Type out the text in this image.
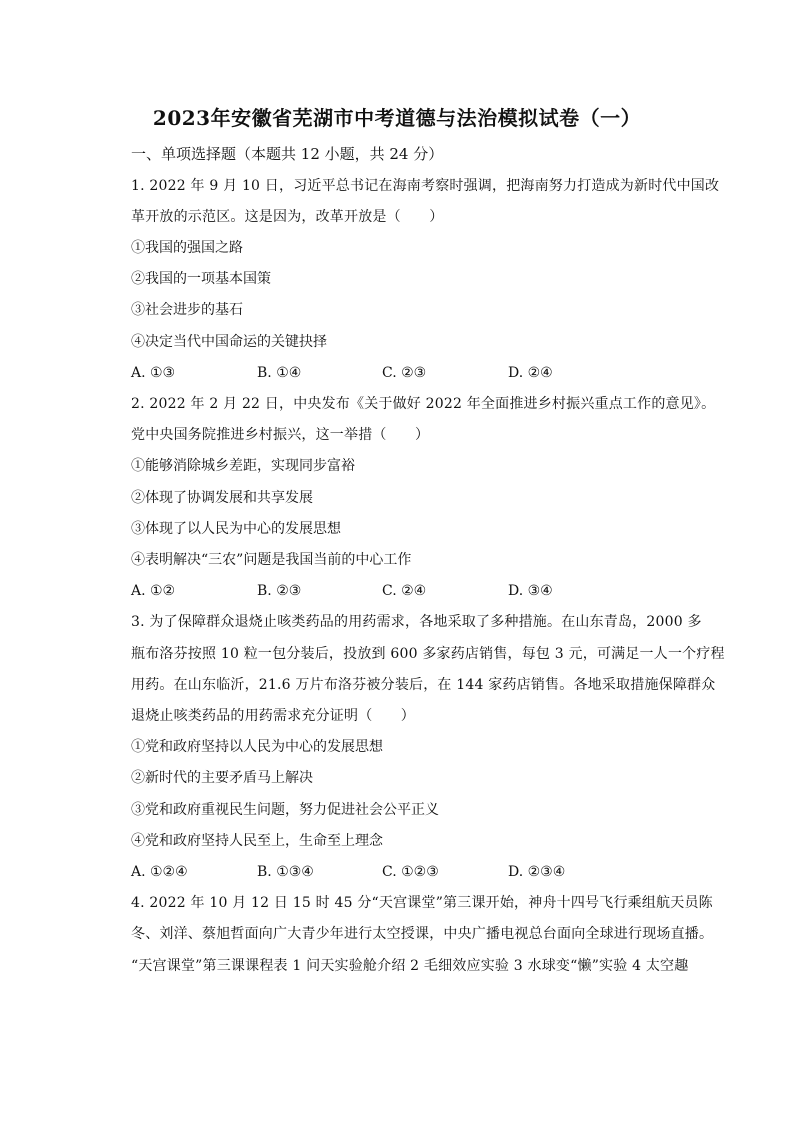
2023年安徽省芜湖市中考道德与法治模拟试卷（一）
一、单项选择题（本题共 12 小题，共 24 分）
1. 2022 年 9 月 10 日，习近平总书记在海南考察时强调，把海南努力打造成为新时代中国改
革开放的示范区。这是因为，改革开放是（　　）
①我国的强国之路
②我国的一项基本国策
③社会进步的基石
④决定当代中国命运的关键抉择
A. ①③	B. ①④	C. ②③	D. ②④
2. 2022 年 2 月 22 日，中央发布《关于做好 2022 年全面推进乡村振兴重点工作的意见》。
党中央国务院推进乡村振兴，这一举措（　　）
①能够消除城乡差距，实现同步富裕
②体现了协调发展和共享发展
③体现了以人民为中心的发展思想
④表明解决“三农”问题是我国当前的中心工作
A. ①②	B. ②③	C. ②④	D. ③④
3. 为了保障群众退烧止咳类药品的用药需求，各地采取了多种措施。在山东青岛，2000 多
瓶布洛芬按照 10 粒一包分装后，投放到 600 多家药店销售，每包 3 元，可满足一人一个疗程
用药。在山东临沂，21.6 万片布洛芬被分装后，在 144 家药店销售。各地采取措施保障群众
退烧止咳类药品的用药需求充分证明（　　）
①党和政府坚持以人民为中心的发展思想
②新时代的主要矛盾马上解决
③党和政府重视民生问题，努力促进社会公平正义
④党和政府坚持人民至上，生命至上理念
A. ①②④	B. ①③④	C. ①②③	D. ②③④
4. 2022 年 10 月 12 日 15 时 45 分“天宫课堂”第三课开始，神舟十四号飞行乘组航天员陈
冬、刘洋、蔡旭哲面向广大青少年进行太空授课，中央广播电视总台面向全球进行现场直播。
“天宫课堂”第三课课程表 1 问天实验舱介绍 2 毛细效应实验 3 水球变“懒”实验 4 太空趣
